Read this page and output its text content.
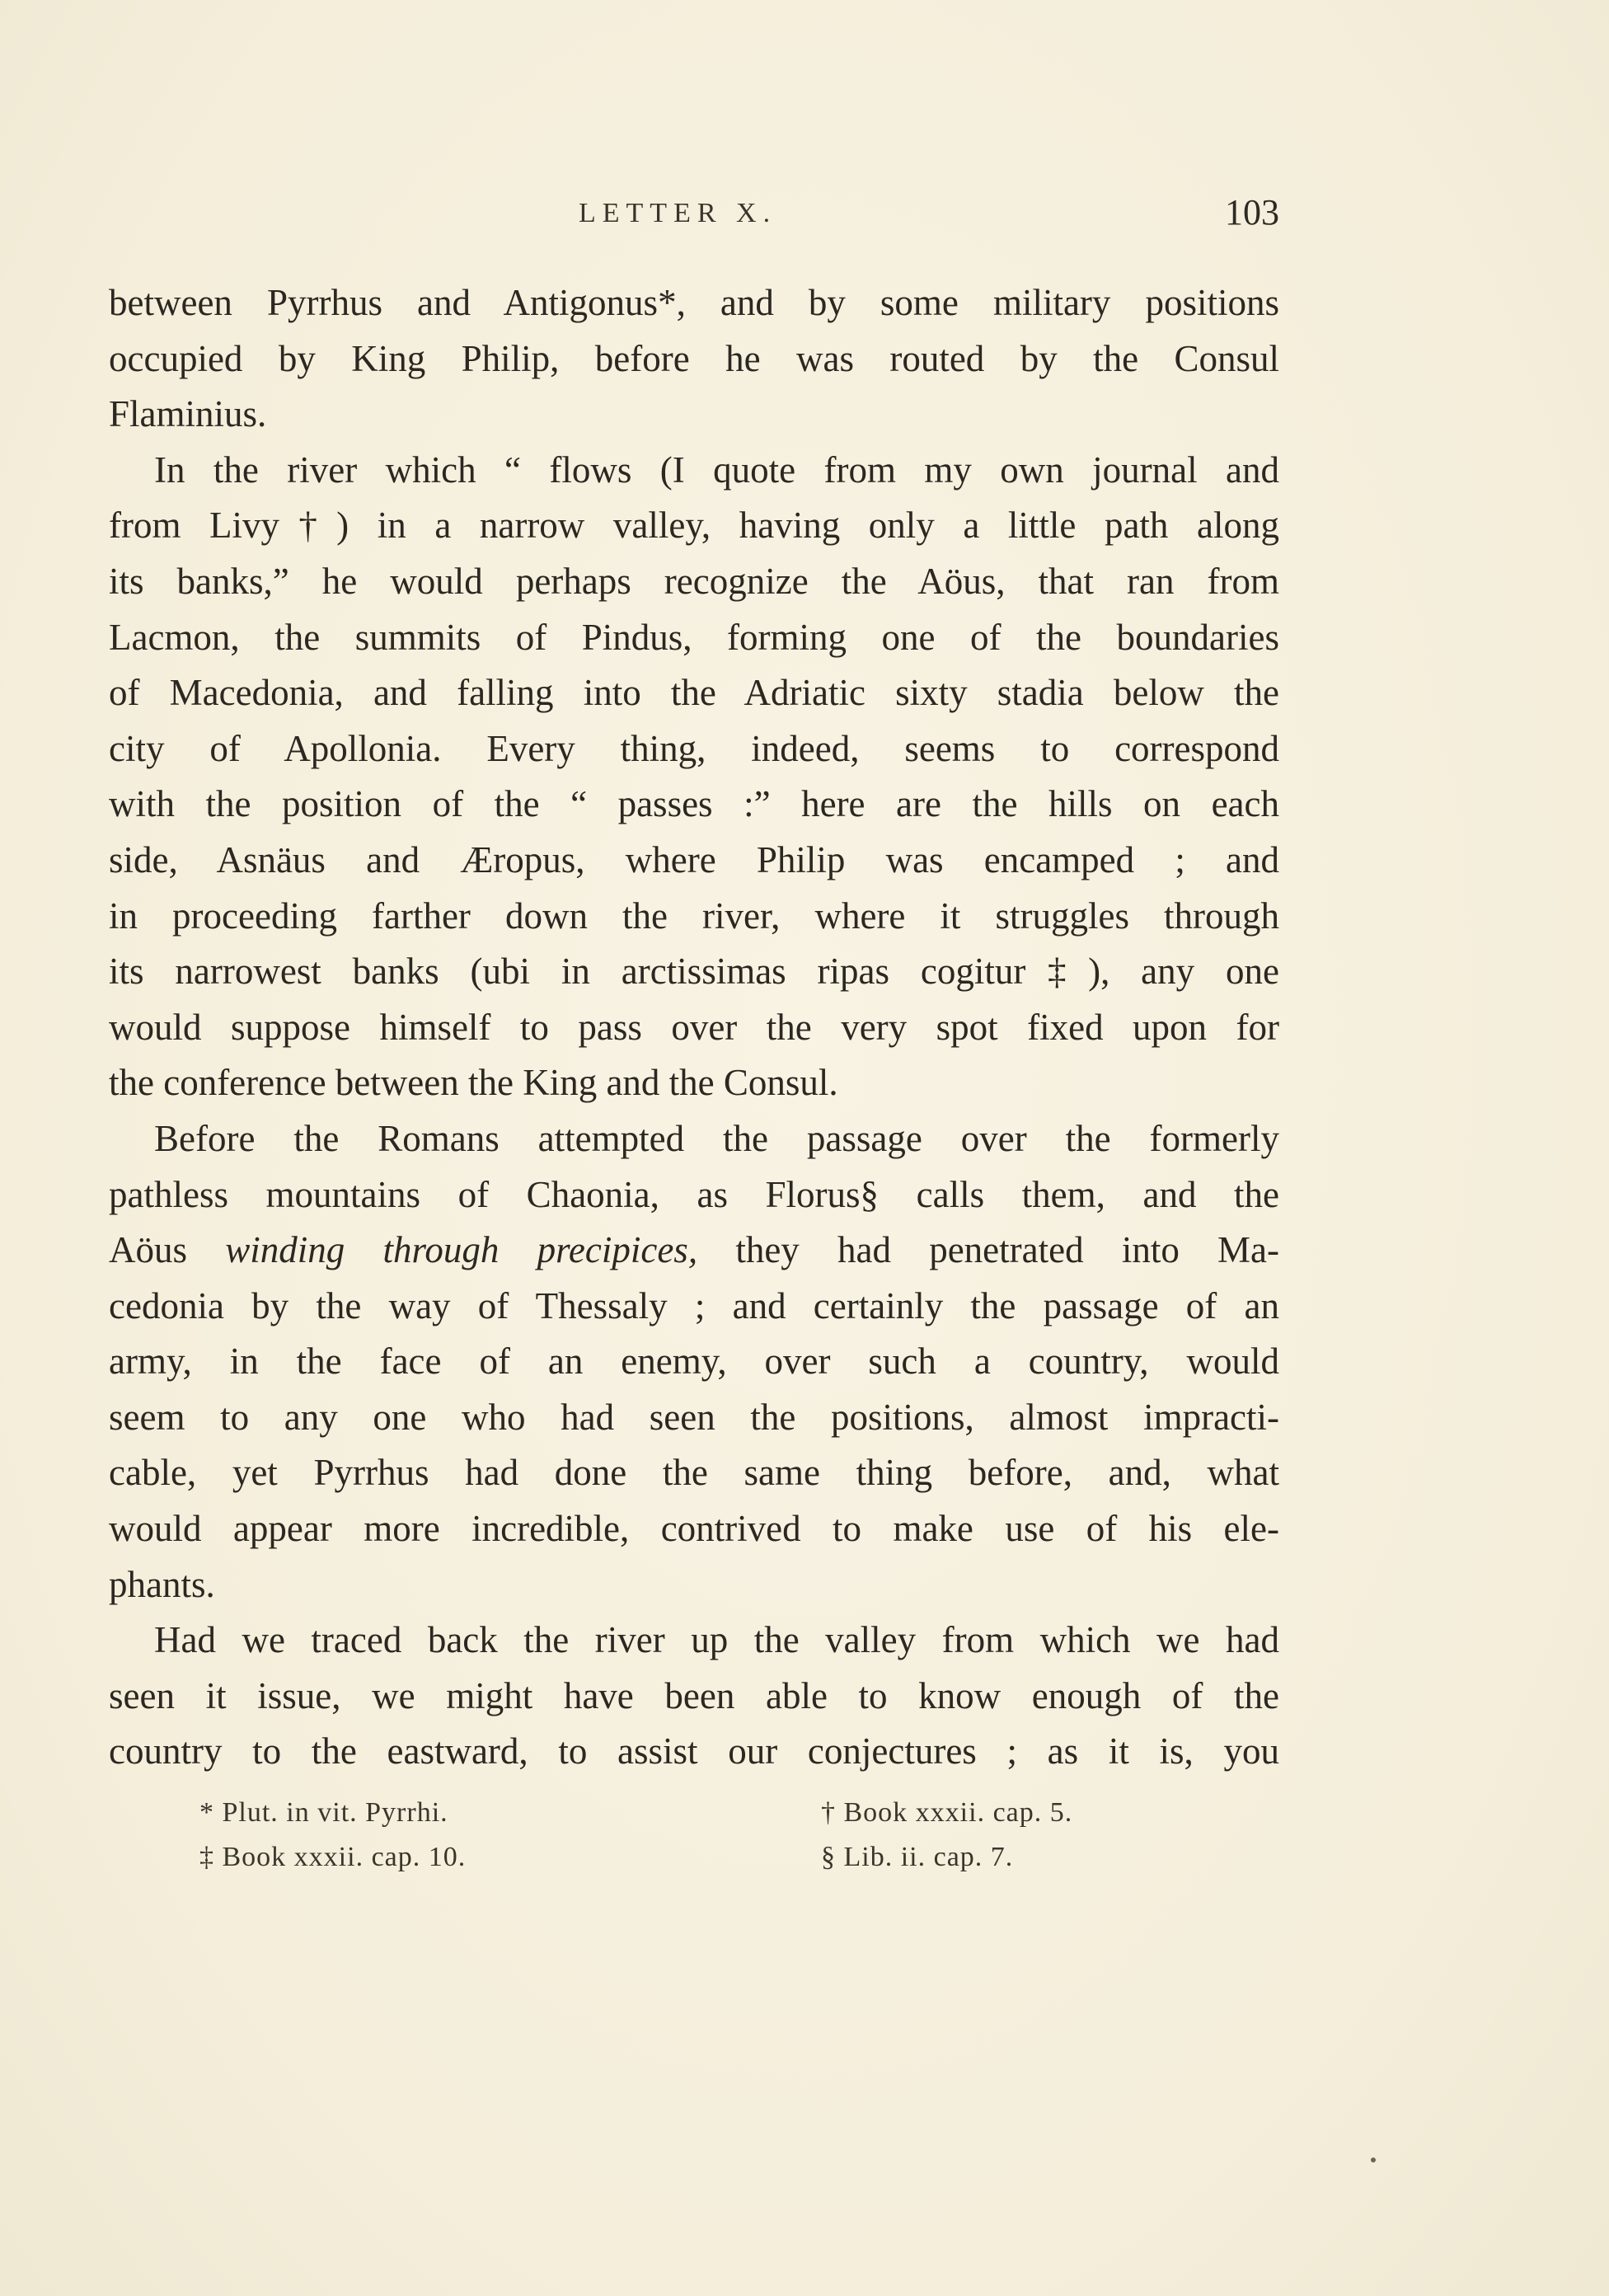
LETTER X.	103
between Pyrrhus and Antigonus*, and by some military positions
occupied by King Philip, before he was routed by the Consul
Flaminius.
In the river which “ flows (I quote from my own journal and
from Livy†) in a narrow valley, having only a little path along
its banks,” he would perhaps recognize the Aöus, that ran from
Lacmon, the summits of Pindus, forming one of the boundaries
of Macedonia, and falling into the Adriatic sixty stadia below the
city of Apollonia. Every thing, indeed, seems to correspond
with the position of the “ passes :” here are the hills on each
side, Asnäus and Æropus, where Philip was encamped ; and
in proceeding farther down the river, where it struggles through
its narrowest banks (ubi in arctissimas ripas cogitur‡), any one
would suppose himself to pass over the very spot fixed upon for
the conference between the King and the Consul.
Before the Romans attempted the passage over the formerly
pathless mountains of Chaonia, as Florus§ calls them, and the
Aöus winding through precipices, they had penetrated into Ma-
cedonia by the way of Thessaly ; and certainly the passage of an
army, in the face of an enemy, over such a country, would
seem to any one who had seen the positions, almost impracti-
cable, yet Pyrrhus had done the same thing before, and, what
would appear more incredible, contrived to make use of his ele-
phants.
Had we traced back the river up the valley from which we had
seen it issue, we might have been able to know enough of the
country to the eastward, to assist our conjectures ; as it is, you
* Plut. in vit. Pyrrhi.	† Book xxxii. cap. 5.
‡ Book xxxii. cap. 10.	§ Lib. ii. cap. 7.
